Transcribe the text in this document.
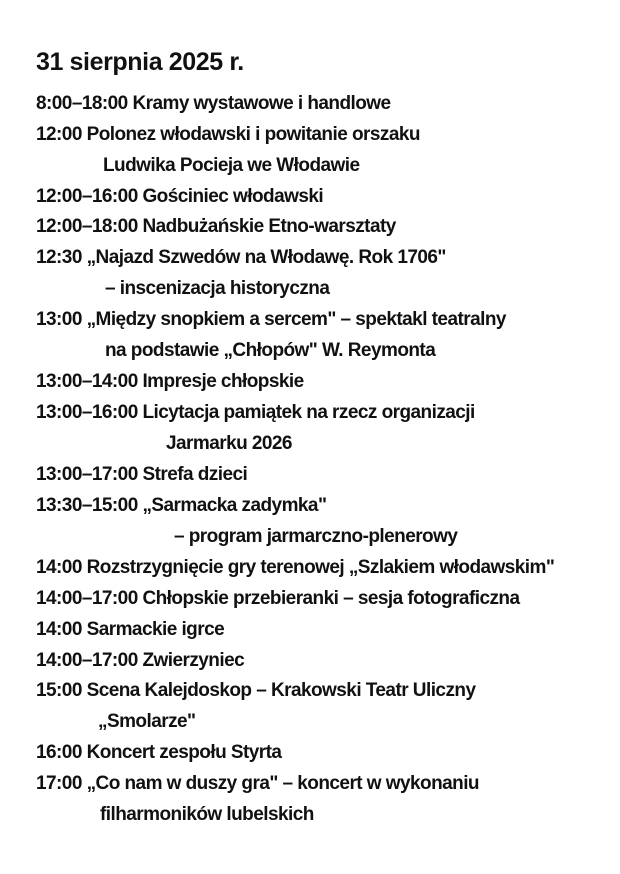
31 sierpnia 2025 r.
8:00–18:00 Kramy wystawowe i handlowe
12:00 Polonez włodawski i powitanie orszaku
Ludwika Pocieja we Włodawie
12:00–16:00 Gościniec włodawski
12:00–18:00 Nadbużańskie Etno-warsztaty
12:30 „Najazd Szwedów na Włodawę. Rok 1706"
– inscenizacja historyczna
13:00 „Między snopkiem a sercem" – spektakl teatralny
na podstawie „Chłopów" W. Reymonta
13:00–14:00 Impresje chłopskie
13:00–16:00 Licytacja pamiątek na rzecz organizacji
Jarmarku 2026
13:00–17:00 Strefa dzieci
13:30–15:00 „Sarmacka zadymka"
– program jarmarczno-plenerowy
14:00 Rozstrzygnięcie gry terenowej „Szlakiem włodawskim"
14:00–17:00 Chłopskie przebieranki – sesja fotograficzna
14:00 Sarmackie igrce
14:00–17:00 Zwierzyniec
15:00 Scena Kalejdoskop – Krakowski Teatr Uliczny
„Smolarze"
16:00 Koncert zespołu Styrta
17:00 „Co nam w duszy gra" – koncert w wykonaniu
filharmoników lubelskich
